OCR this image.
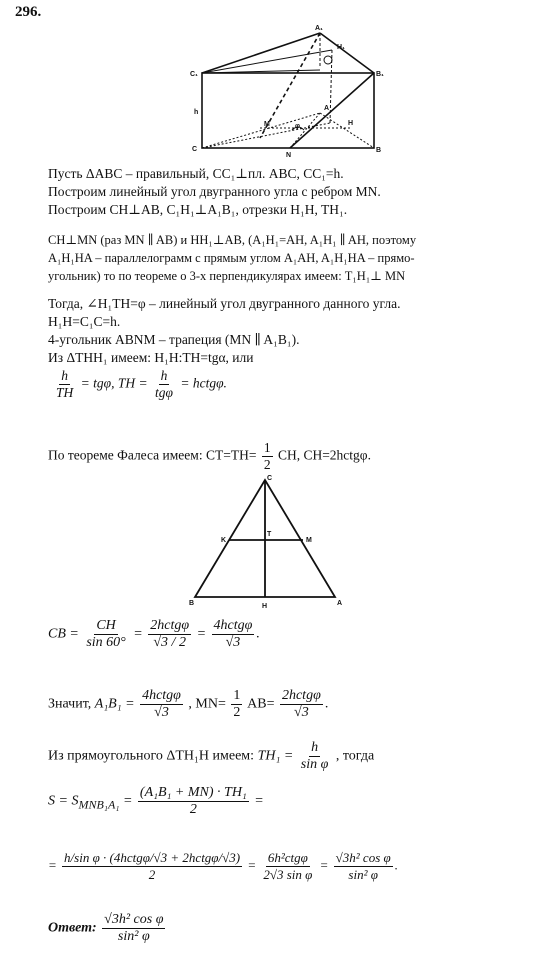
296.
A₁
H₁
C₁	B₁
h
M	H
A
C
N
B
φ
Пусть ΔABC – правильный, CC₁⊥пл. ABC, CC₁=h.
Построим линейный угол двугранного угла с ребром MN.
Построим CH⊥AB, C₁H₁⊥A₁B₁, отрезки H₁H, TH₁.
CH⊥MN (раз MN ∥ AB) и HH₁⊥AB, (A₁H₁=AH, A₁H₁ ∥ AH, поэтому
A₁H₁HA – параллелограмм с прямым углом A₁AH, A₁H₁HA – прямо-
угольник) то по теореме о 3-х перпендикулярах имеем: T₁H₁⊥ MN
Тогда, ∠H₁TH=φ – линейный угол двугранного данного угла.
H₁H=C₁C=h.
4-угольник ABNM – трапеция (MN ∥ A₁B₁).
Из ΔTHH₁ имеем: H₁H:TH=tgα, или
$\frac{h}{TH} = tg\varphi$, TH = $\frac{h}{\text{tgφ}}$ = hctgφ.
По теореме Фалеса имеем: $CT=TH= \frac{1}{2}$ CH, CH=2hctgφ.
C
K
T
M
B	H	A
CB = $\frac{CH}{\sin 60^\circ} = \frac{\text{2hctgφ}}{√3 / 2} = \frac{\text{4hctgφ}}{√3}$ .
Значит, $A_1B_1 = \frac{\text{4hctgφ}}{√3}$ , $MN= \frac{1}{2} AB= \frac{\text{2hctgφ}}{√3}$ .
Из прямоугольного ΔTH₁H имеем: $TH_1 = \frac{h}{\text{sin φ}}$ , тогда
$S = S_{MNB_1A_1} = \frac{\text{(A₁B₁ + MN) · TH₁}}{2}$ =
= $\frac{\text{h/sin φ · (4hctgφ/√3 + 2hctgφ/√3)}}{2} = \frac{\text{6h²ctgφ}}{\text{2√3 sin φ}} = \frac{\text{√3h² cos φ}}{\text{sin² φ}}$ .
Ответ: $\frac{\text{√3h² cos φ}}{\text{sin² φ}}$
